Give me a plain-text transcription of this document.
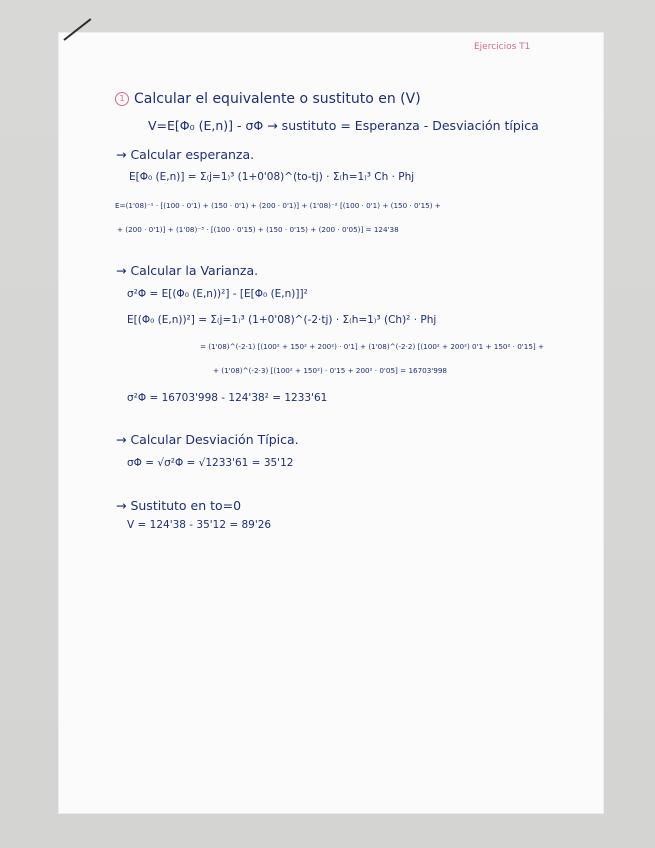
Ejercicios T1
1 Calcular el equivalente o sustituto en (V)
V=E[Φ₀ (E,n)] - σΦ → sustituto = Esperanza - Desviación típica
→ Calcular esperanza.
E[Φ₀ (E,n)] = Σ₍j=1₎³ (1+0'08)^(to-tj) · Σ₍h=1₎³ Ch · Phj
E=(1'08)⁻¹ · [(100 · 0'1) + (150 · 0'1) + (200 · 0'1)] + (1'08)⁻² [(100 · 0'1) + (150 · 0'15) +
+ (200 · 0'1)] + (1'08)⁻³ · [(100 · 0'15) + (150 · 0'15) + (200 · 0'05)] = 124'38
→ Calcular la Varianza.
σ²Φ = E[(Φ₀ (E,n))²] - [E[Φ₀ (E,n)]]²
E[(Φ₀ (E,n))²] = Σ₍j=1₎³ (1+0'08)^(-2·tj) · Σ₍h=1₎³ (Ch)² · Phj
= (1'08)^(-2·1) [(100² + 150² + 200²) · 0'1] + (1'08)^(-2·2) [(100² + 200²) 0'1 + 150² · 0'15] +
+ (1'08)^(-2·3) [(100² + 150²) · 0'15 + 200² · 0'05] = 16703'998
σ²Φ = 16703'998 - 124'38² = 1233'61
→ Calcular Desviación Típica.
σΦ = √σ²Φ = √1233'61 = 35'12
→ Sustituto en to=0
V = 124'38 - 35'12 = 89'26
